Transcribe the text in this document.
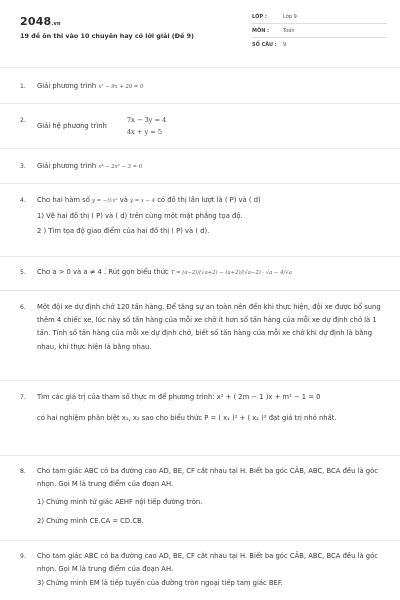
2048.vn
19 đề ôn thi vào 10 chuyên hay có lời giải (Đề 9)
LỚP :	Lớp 9
MÔN :	Toán
SỐ CÂU :	9
1. Giải phương trình x² − 9x + 20 = 0
2.
Giải hệ phương trình
7x − 3y = 4
4x + y = 5
3. Giải phương trình x⁴ − 2x² − 3 = 0
4. Cho hai hàm số y = −½x² và y = x − 4 có đồ thị lần lượt là ( P) và ( d)
1) Vẽ hai đồ thị ( P) và ( d) trên cùng một mặt phẳng tọa độ.
2 ) Tìm tọa độ giao điểm của hai đồ thị ( P) và ( d).
5. Cho a > 0 và a ≠ 4 . Rút gọn biểu thức T = (a−2)/(√a+2) − (a+2)/(√a−2) · √a − 4/√a
6. Một đội xe dự định chở 120 tấn hàng. Để tăng sự an toàn nên đến khi thực hiện, đội xe được bổ sung thêm 4 chiếc xe, lúc này số tấn hàng của mỗi xe chở ít hơn số tấn hàng của mỗi xe dự định chở là 1 tấn. Tính số tấn hàng của mỗi xe dự định chở, biết số tấn hàng của mỗi xe chở khi dự định là bằng nhau, khi thực hiện là bằng nhau.
7. Tìm các giá trị của tham số thực m để phương trình: x² + ( 2m − 1 )x + m² − 1 = 0
có hai nghiệm phân biệt x₁, x₂ sao cho biểu thức P = ( x₁ )² + ( x₂ )² đạt giá trị nhỏ nhất.
8. Cho tam giác ABC có ba đường cao AD, BE, CF cắt nhau tại H. Biết ba góc CÂB, ABC, BCA đều là góc nhọn. Gọi M là trung điểm của đoạn AH.
1) Chứng minh tứ giác AEHF nội tiếp đường tròn.
2) Chứng minh CE.CA = CD.CB.
9. Cho tam giác ABC có ba đường cao AD, BE, CF cắt nhau tại H. Biết ba góc CÂB, ABC, BCA đều là góc nhọn. Gọi M là trung điểm của đoạn AH.
3) Chứng minh EM là tiếp tuyến của đường tròn ngoại tiếp tam giác BEF.
